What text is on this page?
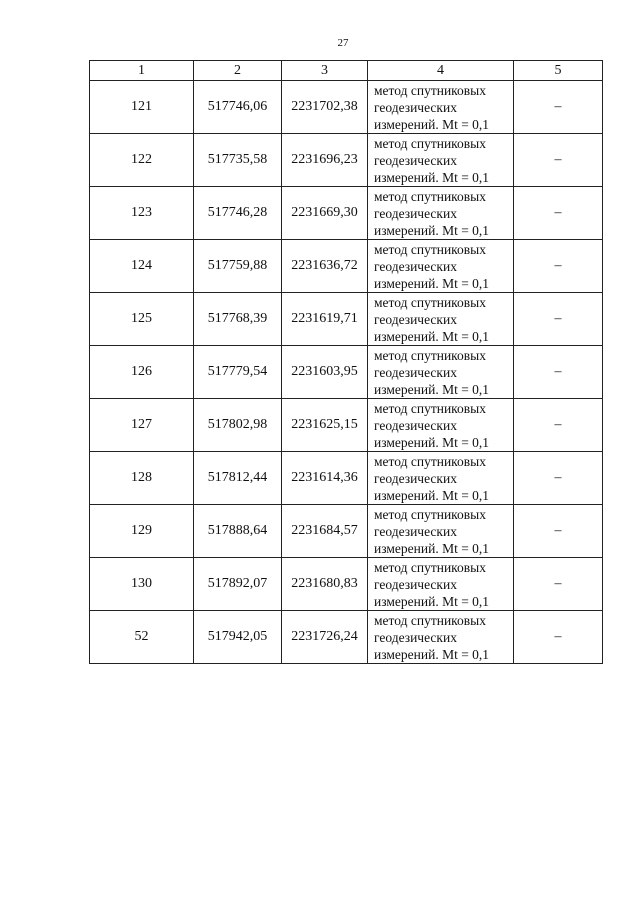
27
1	2	3	4	5
121	517746,06	2231702,38	метод спутниковых геодезических измерений. Mt = 0,1	–
122	517735,58	2231696,23	метод спутниковых геодезических измерений. Mt = 0,1	–
123	517746,28	2231669,30	метод спутниковых геодезических измерений. Mt = 0,1	–
124	517759,88	2231636,72	метод спутниковых геодезических измерений. Mt = 0,1	–
125	517768,39	2231619,71	метод спутниковых геодезических измерений. Mt = 0,1	–
126	517779,54	2231603,95	метод спутниковых геодезических измерений. Mt = 0,1	–
127	517802,98	2231625,15	метод спутниковых геодезических измерений. Mt = 0,1	–
128	517812,44	2231614,36	метод спутниковых геодезических измерений. Mt = 0,1	–
129	517888,64	2231684,57	метод спутниковых геодезических измерений. Mt = 0,1	–
130	517892,07	2231680,83	метод спутниковых геодезических измерений. Mt = 0,1	–
52	517942,05	2231726,24	метод спутниковых геодезических измерений. Mt = 0,1	–
